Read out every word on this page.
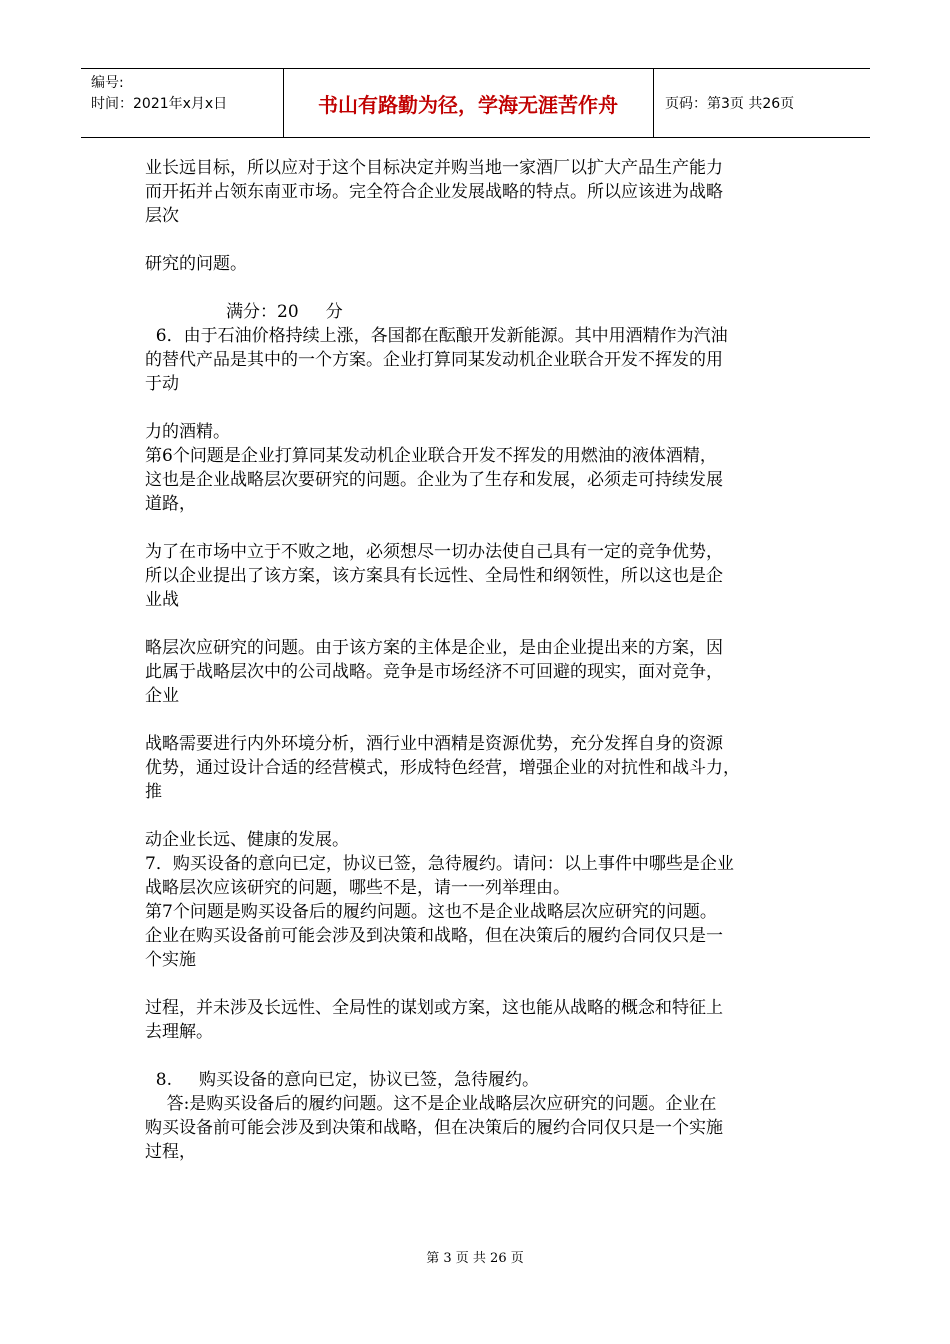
编号:
时间：2021年x月x日	书山有路勤为径，学海无涯苦作舟	页码：第3页 共26页

业长远目标，所以应对于这个目标决定并购当地一家酒厂以扩大产品生产能力

而开拓并占领东南亚市场。完全符合企业发展战略的特点。所以应该进为战略

层次

研究的问题。

满分：20     分

6．由于石油价格持续上涨，各国都在酝酿开发新能源。其中用酒精作为汽油

的替代产品是其中的一个方案。企业打算同某发动机企业联合开发不挥发的用

于动

力的酒精。

第6个问题是企业打算同某发动机企业联合开发不挥发的用燃油的液体酒精，

这也是企业战略层次要研究的问题。企业为了生存和发展，必须走可持续发展

道路，

为了在市场中立于不败之地，必须想尽一切办法使自己具有一定的竞争优势，

所以企业提出了该方案，该方案具有长远性、全局性和纲领性，所以这也是企

业战

略层次应研究的问题。由于该方案的主体是企业，是由企业提出来的方案，因

此属于战略层次中的公司战略。竞争是市场经济不可回避的现实，面对竞争，

企业

战略需要进行内外环境分析，酒行业中酒精是资源优势，充分发挥自身的资源

优势，通过设计合适的经营模式，形成特色经营，增强企业的对抗性和战斗力，

推

动企业长远、健康的发展。

7．购买设备的意向已定，协议已签，急待履约。请问：以上事件中哪些是企业

战略层次应该研究的问题，哪些不是，请一一列举理由。

第7个问题是购买设备后的履约问题。这也不是企业战略层次应研究的问题。

企业在购买设备前可能会涉及到决策和战略，但在决策后的履约合同仅只是一

个实施

过程，并未涉及长远性、全局性的谋划或方案，这也能从战略的概念和特征上

去理解。

8.     购买设备的意向已定，协议已签，急待履约。

答:是购买设备后的履约问题。这不是企业战略层次应研究的问题。企业在

购买设备前可能会涉及到决策和战略，但在决策后的履约合同仅只是一个实施

过程，

第 3 页 共 26 页
